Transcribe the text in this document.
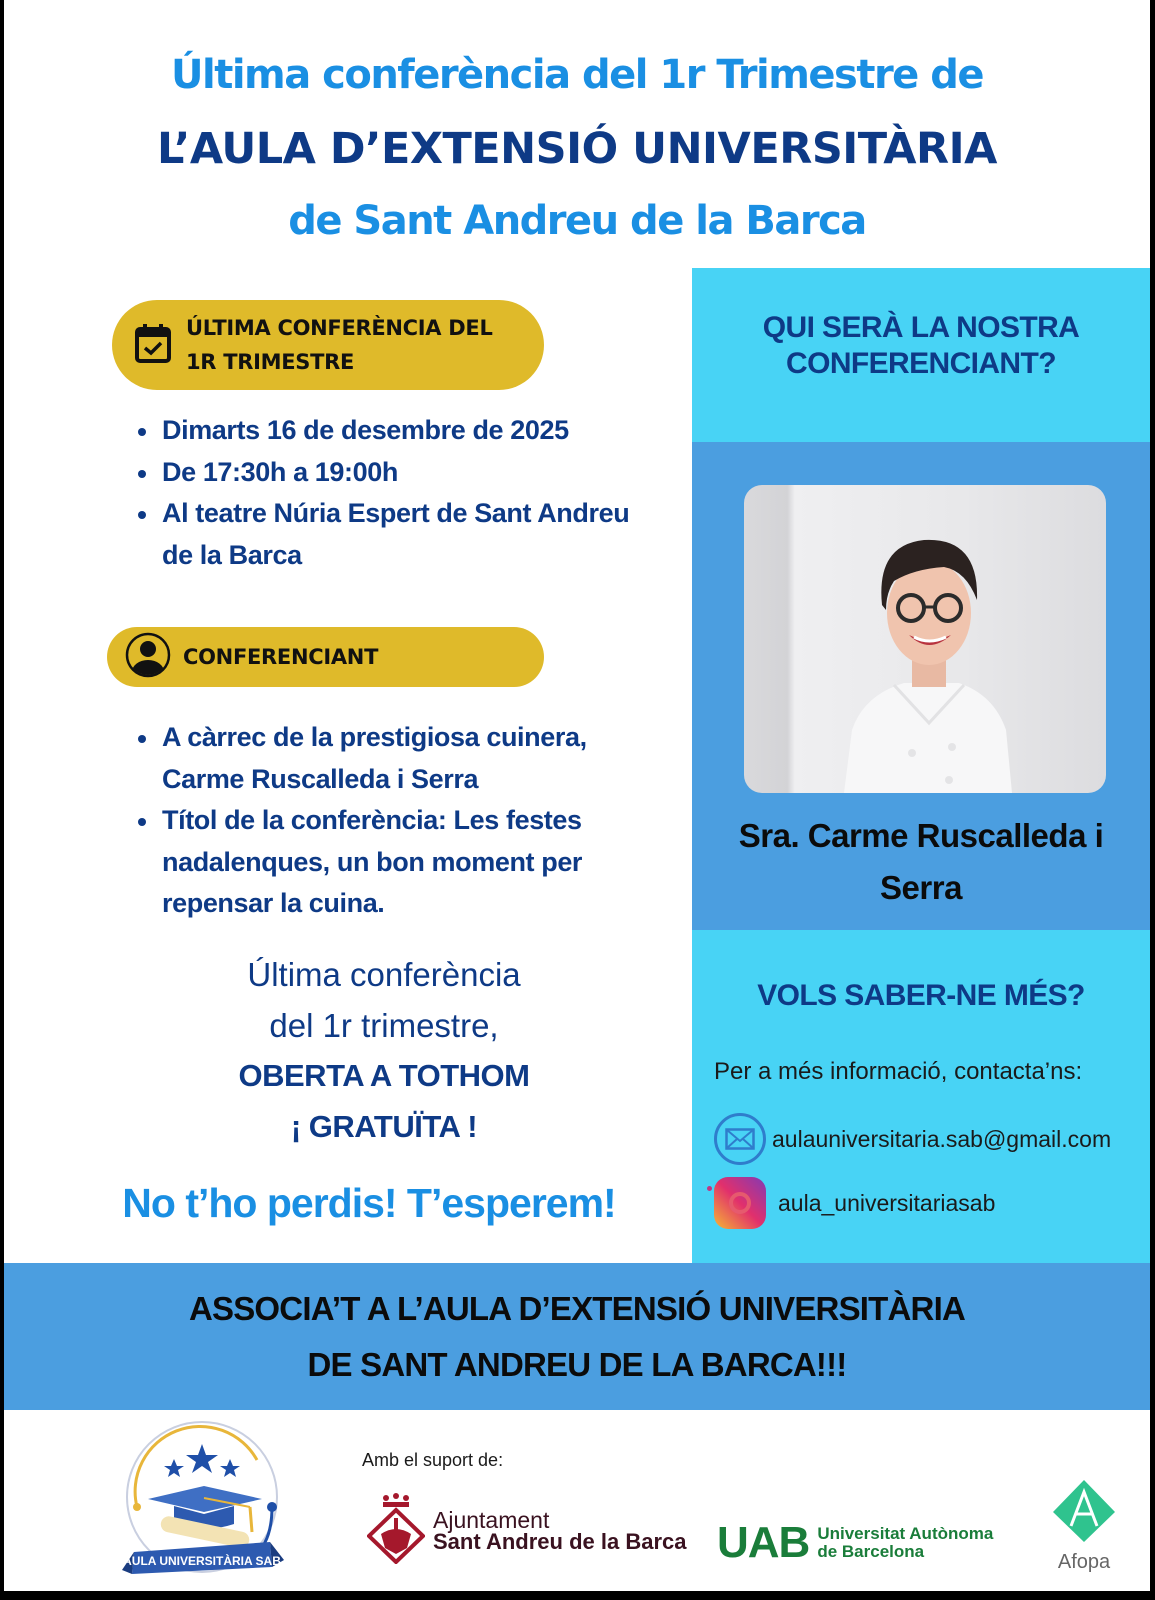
Última conferència del 1r Trimestre de
L’AULA D’EXTENSIÓ UNIVERSITÀRIA
de Sant Andreu de la Barca
ÚLTIMA CONFERÈNCIA DEL
1R TRIMESTRE
Dimarts 16 de desembre de 2025
De 17:30h a 19:00h
Al teatre Núria Espert de Sant Andreu de la Barca
CONFERENCIANT
A càrrec de la prestigiosa cuinera, Carme Ruscalleda i Serra
Títol de la conferència: Les festes nadalenques, un bon moment per repensar la cuina.
Última conferència
del 1r trimestre,
OBERTA A TOTHOM
¡ GRATUÏTA !
No t’ho perdis! T’esperem!
QUI SERÀ LA NOSTRA
CONFERENCIANT?
Sra. Carme Ruscalleda i
Serra
VOLS SABER-NE MÉS?
Per a més informació, contacta’ns:
aulauniversitaria.sab@gmail.com
aula_universitariasab
ASSOCIA’T A L’AULA D’EXTENSIÓ UNIVERSITÀRIA
DE SANT ANDREU DE LA BARCA!!!
AULA UNIVERSITÀRIA SAB
Amb el suport de:
Ajuntament
Sant Andreu de la Barca UAB Universitat Autònoma
de Barcelona	Afopa
